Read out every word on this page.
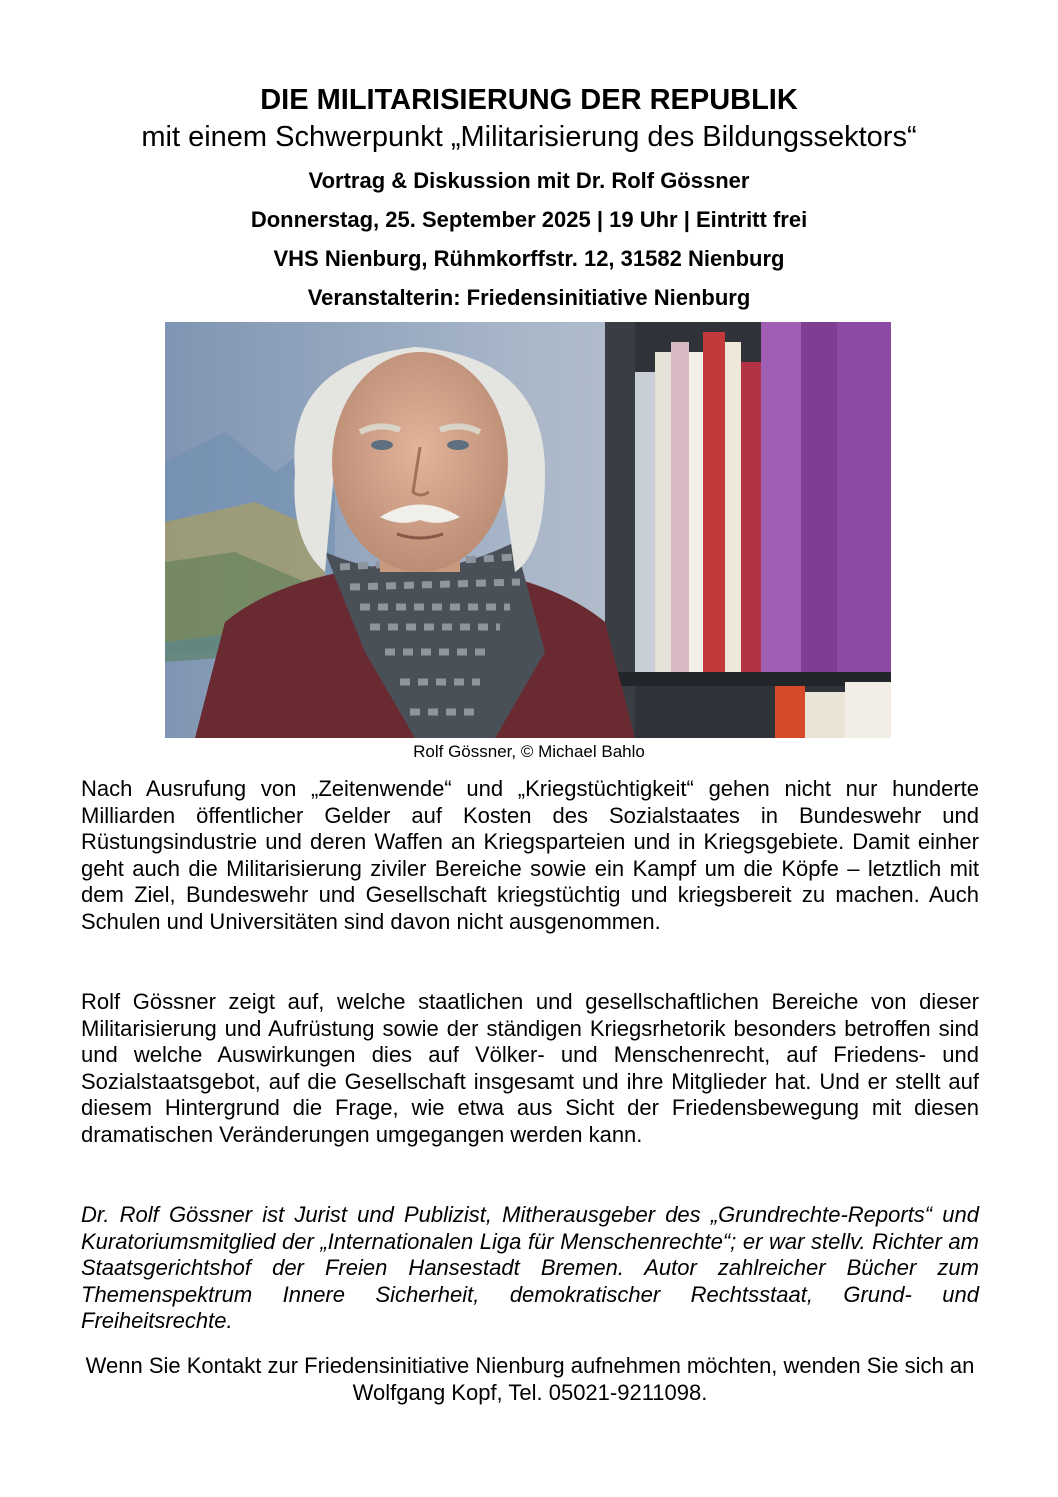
DIE MILITARISIERUNG DER REPUBLIK
mit einem Schwerpunkt „Militarisierung des Bildungssektors“
Vortrag & Diskussion mit Dr. Rolf Gössner
Donnerstag, 25. September 2025 | 19 Uhr | Eintritt frei
VHS Nienburg, Rühmkorffstr. 12, 31582 Nienburg
Veranstalterin: Friedensinitiative Nienburg
Rolf Gössner, © Michael Bahlo

Nach Ausrufung von „Zeitenwende“ und „Kriegstüchtigkeit“ gehen nicht nur hunderte Milliarden öffentlicher Gelder auf Kosten des Sozialstaates in Bundeswehr und Rüstungsindustrie und deren Waffen an Kriegsparteien und in Kriegsgebiete. Damit einher geht auch die Militarisierung ziviler Bereiche sowie ein Kampf um die Köpfe – letztlich mit dem Ziel, Bundeswehr und Gesellschaft kriegstüchtig und kriegsbereit zu machen. Auch Schulen und Universitäten sind davon nicht ausgenommen.

Rolf Gössner zeigt auf, welche staatlichen und gesellschaftlichen Bereiche von dieser Militarisierung und Aufrüstung sowie der ständigen Kriegsrhetorik besonders betroffen sind und welche Auswirkungen dies auf Völker- und Menschenrecht, auf Friedens- und Sozialstaatsgebot, auf die Gesellschaft insgesamt und ihre Mitglieder hat. Und er stellt auf diesem Hintergrund die Frage, wie etwa aus Sicht der Friedensbewegung mit diesen dramatischen Veränderungen umgegangen werden kann.

Dr. Rolf Gössner ist Jurist und Publizist, Mitherausgeber des „Grundrechte-Reports“ und Kuratoriumsmitglied der „Internationalen Liga für Menschenrechte“; er war stellv. Richter am Staatsgerichtshof der Freien Hansestadt Bremen. Autor zahlreicher Bücher zum Themenspektrum Innere Sicherheit, demokratischer Rechtsstaat, Grund- und Freiheitsrechte.

Wenn Sie Kontakt zur Friedensinitiative Nienburg aufnehmen möchten, wenden Sie sich an Wolfgang Kopf, Tel. 05021-9211098.
